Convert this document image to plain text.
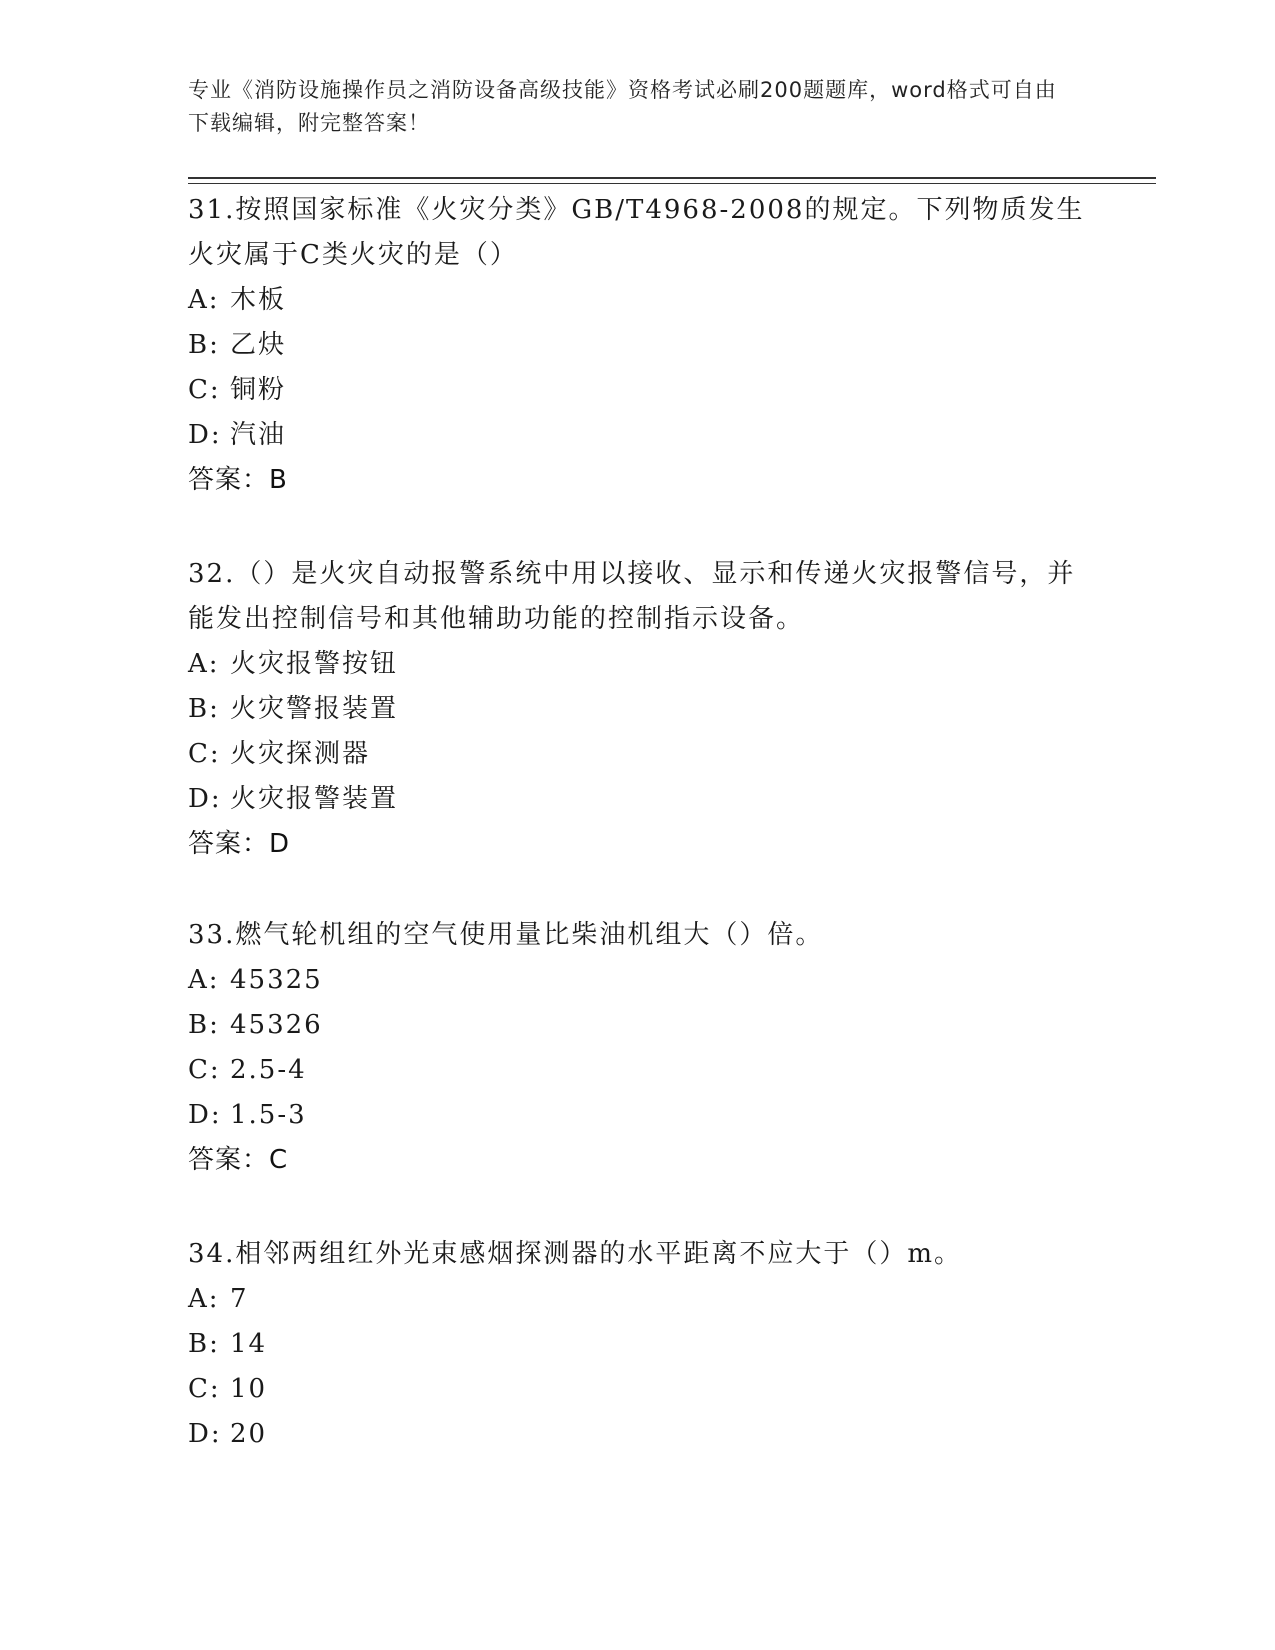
专业《消防设施操作员之消防设备高级技能》资格考试必刷200题题库，word格式可自由下载编辑，附完整答案！

31.按照国家标准《火灾分类》GB/T4968-2008的规定。下列物质发生火灾属于C类火灾的是（）

A: 木板

B: 乙炔

C: 铜粉

D: 汽油

答案：B

32.（）是火灾自动报警系统中用以接收、显示和传递火灾报警信号，并能发出控制信号和其他辅助功能的控制指示设备。

A: 火灾报警按钮

B: 火灾警报装置

C: 火灾探测器

D: 火灾报警装置

答案：D

33.燃气轮机组的空气使用量比柴油机组大（）倍。

A: 45325

B: 45326

C: 2.5-4

D: 1.5-3

答案：C

34.相邻两组红外光束感烟探测器的水平距离不应大于（）m。

A: 7

B: 14

C: 10

D: 20
